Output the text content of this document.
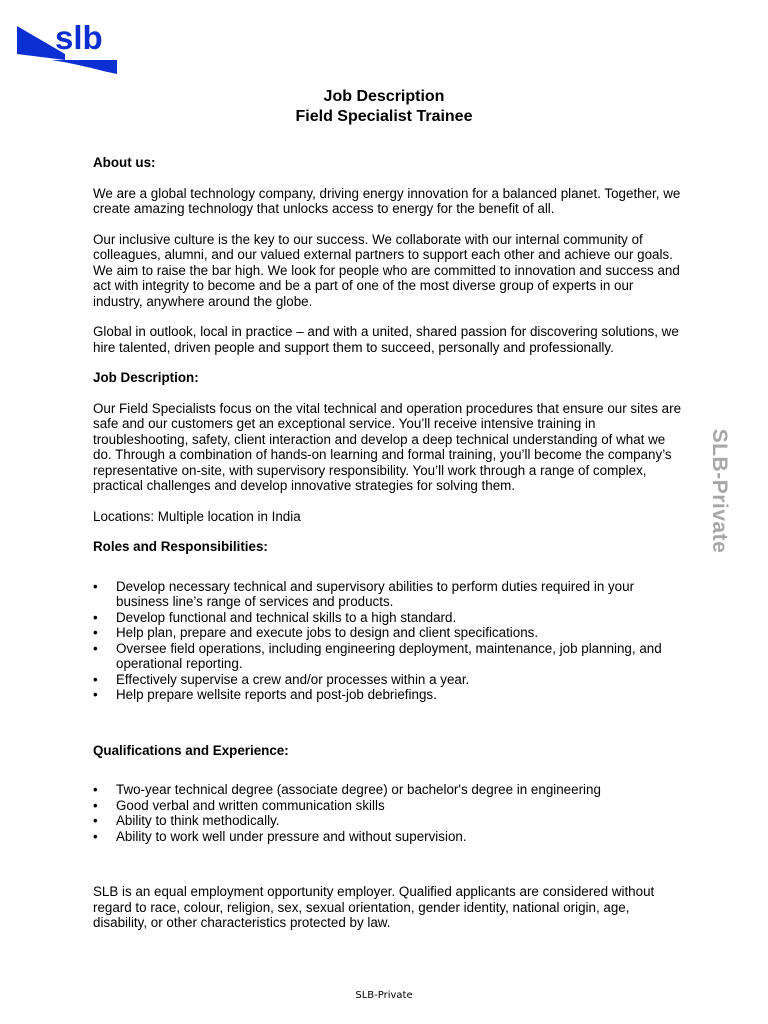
slb
Job Description
Field Specialist Trainee

About us:

We are a global technology company, driving energy innovation for a balanced planet. Together, we create amazing technology that unlocks access to energy for the benefit of all.

Our inclusive culture is the key to our success. We collaborate with our internal community of colleagues, alumni, and our valued external partners to support each other and achieve our goals. We aim to raise the bar high. We look for people who are committed to innovation and success and act with integrity to become and be a part of one of the most diverse group of experts in our industry, anywhere around the globe.

Global in outlook, local in practice – and with a united, shared passion for discovering solutions, we hire talented, driven people and support them to succeed, personally and professionally.

Job Description:

Our Field Specialists focus on the vital technical and operation procedures that ensure our sites are safe and our customers get an exceptional service. You’ll receive intensive training in troubleshooting, safety, client interaction and develop a deep technical understanding of what we do. Through a combination of hands-on learning and formal training, you’ll become the company’s representative on-site, with supervisory responsibility. You’ll work through a range of complex, practical challenges and develop innovative strategies for solving them.

Locations: Multiple location in India

Roles and Responsibilities:

• Develop necessary technical and supervisory abilities to perform duties required in your business line’s range of services and products.
• Develop functional and technical skills to a high standard.
• Help plan, prepare and execute jobs to design and client specifications.
• Oversee field operations, including engineering deployment, maintenance, job planning, and operational reporting.
• Effectively supervise a crew and/or processes within a year.
• Help prepare wellsite reports and post-job debriefings.

Qualifications and Experience:

• Two-year technical degree (associate degree) or bachelor's degree in engineering
• Good verbal and written communication skills
• Ability to think methodically.
• Ability to work well under pressure and without supervision.

SLB is an equal employment opportunity employer. Qualified applicants are considered without regard to race, colour, religion, sex, sexual orientation, gender identity, national origin, age, disability, or other characteristics protected by law.

SLB-Private
SLB-Private
